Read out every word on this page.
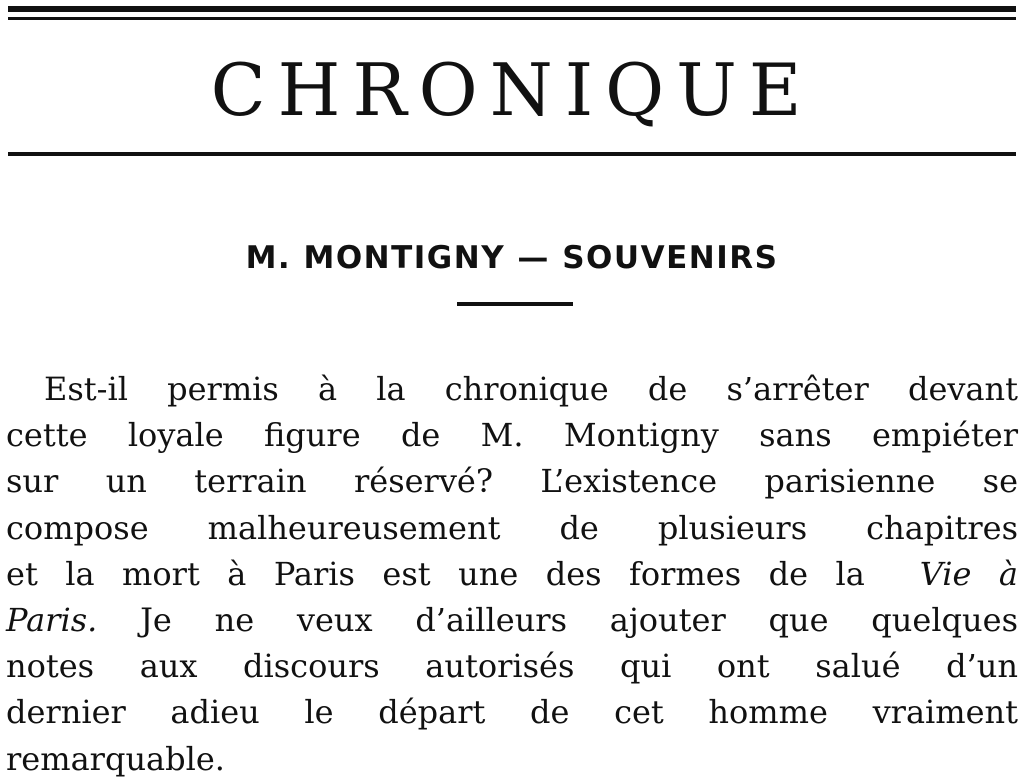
CHRONIQUE
M. MONTIGNY — SOUVENIRS
Est-il permis à la chronique de s’arrêter devant
cette loyale figure de M. Montigny sans empiéter
sur un terrain réservé? L’existence parisienne se
compose malheureusement de plusieurs chapitres
et la mort à Paris est une des formes de la Vie à
Paris. Je ne veux d’ailleurs ajouter que quelques
notes aux discours autorisés qui ont salué d’un
dernier adieu le départ de cet homme vraiment
remarquable.
